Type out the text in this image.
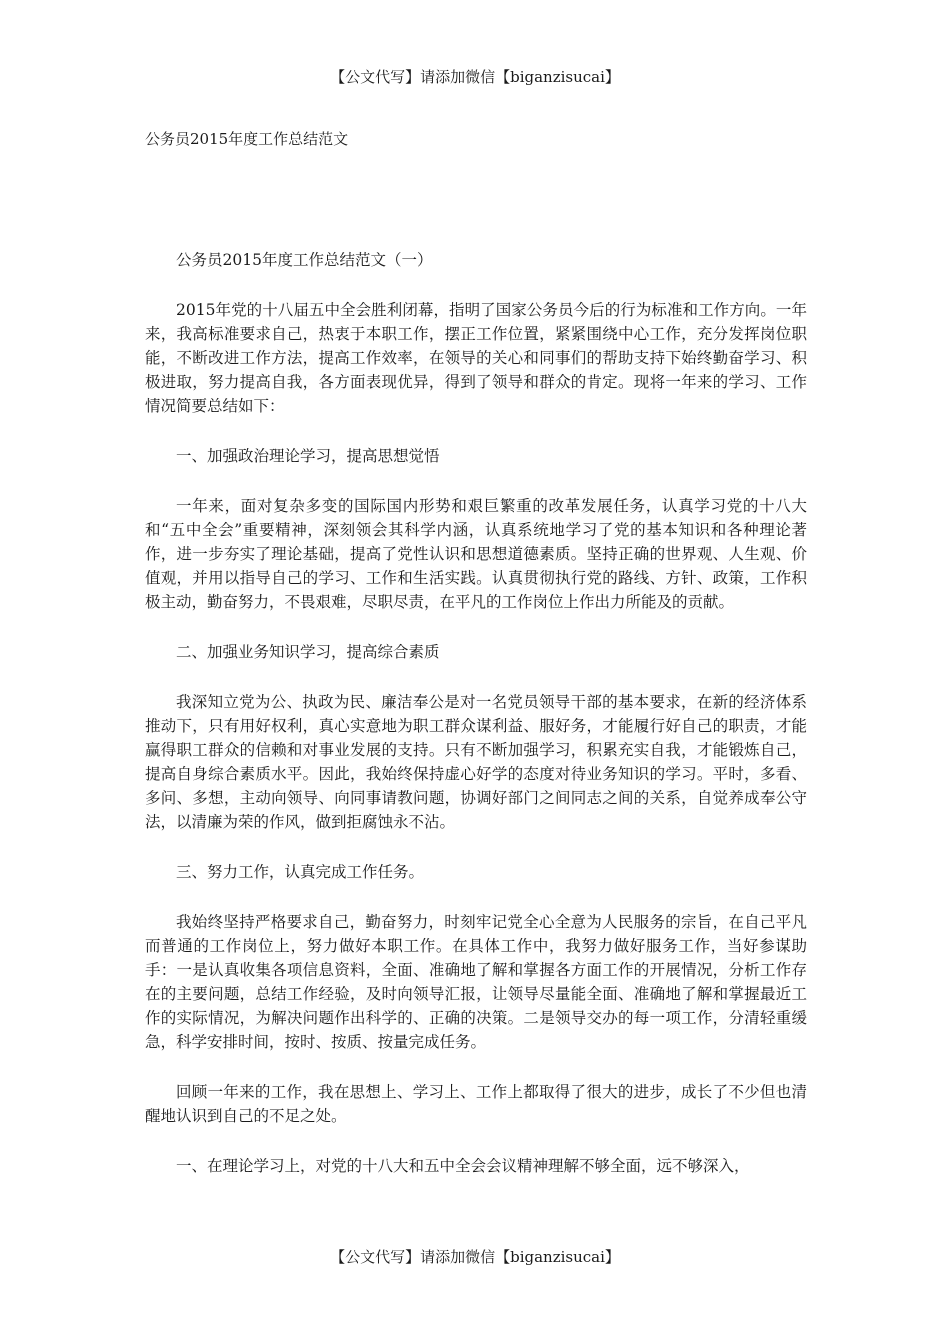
【公文代写】请添加微信【biganzisucai】
公务员2015年度工作总结范文

公务员2015年度工作总结范文（一）

2015年党的十八届五中全会胜利闭幕，指明了国家公务员今后的行为标准和工作方向。一年来，我高标准要求自己，热衷于本职工作，摆正工作位置，紧紧围绕中心工作，充分发挥岗位职能，不断改进工作方法，提高工作效率，在领导的关心和同事们的帮助支持下始终勤奋学习、积极进取，努力提高自我，各方面表现优异，得到了领导和群众的肯定。现将一年来的学习、工作情况简要总结如下：

一、加强政治理论学习，提高思想觉悟

一年来，面对复杂多变的国际国内形势和艰巨繁重的改革发展任务，认真学习党的十八大和“五中全会”重要精神，深刻领会其科学内涵，认真系统地学习了党的基本知识和各种理论著作，进一步夯实了理论基础，提高了党性认识和思想道德素质。坚持正确的世界观、人生观、价值观，并用以指导自己的学习、工作和生活实践。认真贯彻执行党的路线、方针、政策，工作积极主动，勤奋努力，不畏艰难，尽职尽责，在平凡的工作岗位上作出力所能及的贡献。

二、加强业务知识学习，提高综合素质

我深知立党为公、执政为民、廉洁奉公是对一名党员领导干部的基本要求，在新的经济体系推动下，只有用好权利，真心实意地为职工群众谋利益、服好务，才能履行好自己的职责，才能赢得职工群众的信赖和对事业发展的支持。只有不断加强学习，积累充实自我，才能锻炼自己，提高自身综合素质水平。因此，我始终保持虚心好学的态度对待业务知识的学习。平时，多看、多问、多想，主动向领导、向同事请教问题，协调好部门之间同志之间的关系，自觉养成奉公守法，以清廉为荣的作风，做到拒腐蚀永不沾。

三、努力工作，认真完成工作任务。

我始终坚持严格要求自己，勤奋努力，时刻牢记党全心全意为人民服务的宗旨，在自己平凡而普通的工作岗位上，努力做好本职工作。在具体工作中，我努力做好服务工作，当好参谋助手：一是认真收集各项信息资料，全面、准确地了解和掌握各方面工作的开展情况，分析工作存在的主要问题，总结工作经验，及时向领导汇报，让领导尽量能全面、准确地了解和掌握最近工作的实际情况，为解决问题作出科学的、正确的决策。二是领导交办的每一项工作，分清轻重缓急，科学安排时间，按时、按质、按量完成任务。

回顾一年来的工作，我在思想上、学习上、工作上都取得了很大的进步，成长了不少但也清醒地认识到自己的不足之处。

一、在理论学习上，对党的十八大和五中全会会议精神理解不够全面，远不够深入，

【公文代写】请添加微信【biganzisucai】
